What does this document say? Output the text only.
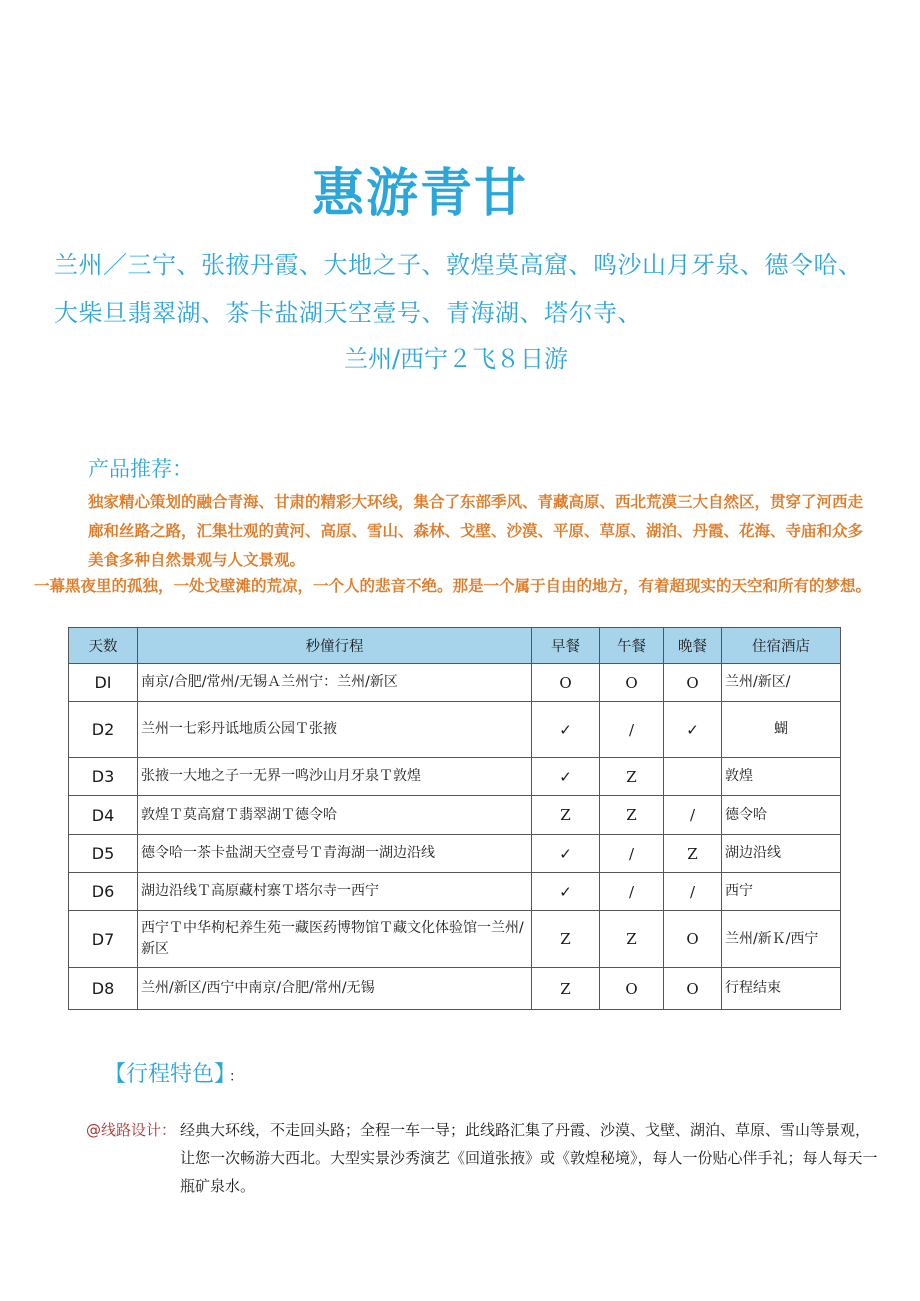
惠游青甘
兰州／三宁、张掖丹霞、大地之子、敦煌莫高窟、鸣沙山月牙泉、德令哈、
大柴旦翡翠湖、茶卡盐湖天空壹号、青海湖、塔尔寺、
兰州/西宁２飞８日游
产品推荐：
独家精心策划的融合青海、甘肃的精彩大环线，集合了东部季风、青藏高原、西北荒漠三大自然区，贯穿了河西走廊和丝路之路，汇集壮观的黄河、高原、雪山、森林、戈壁、沙漠、平原、草原、湖泊、丹霞、花海、寺庙和众多美食多种自然景观与人文景观。
一幕黑夜里的孤独，一处戈壁滩的荒凉，一个人的悲音不绝。那是一个属于自由的地方，有着超现实的天空和所有的梦想。
天数	秒僮行程	早餐	午餐	晚餐	住宿酒店
DI	南京/合肥/常州/无锡Ａ兰州宁：兰州/新区	O	O	O	兰州/新区/
D2	兰州一七彩丹诋地质公园Ｔ张掖	✓	/	✓	蝴
D3	张掖一大地之子一无界一鸣沙山月牙泉Ｔ敦煌	✓	Z		敦煌
D4	敦煌Ｔ莫高窟Ｔ翡翠湖Ｔ德令哈	Z	Z	/	德令哈
D5	德令哈一茶卡盐湖天空壹号Ｔ青海湖一湖边沿线	✓	/	Z	湖边沿线
D6	湖边沿线Ｔ高原藏村寨Ｔ塔尔寺一西宁	✓	/	/	西宁
D7	西宁Ｔ中华枸杞养生苑一藏医药博物馆Ｔ藏文化体验馆一兰州/新区	Z	Z	O	兰州/新Ｋ/西宁
D8	兰州/新区/西宁中南京/合肥/常州/无锡	Z	O	O	行程结束
【行程特色】 ：
@线路设计： 经典大环线，不走回头路；全程一车一导；此线路汇集了丹霞、沙漠、戈壁、湖泊、草原、雪山等景观，让您一次畅游大西北。大型实景沙秀演艺《回道张掖》或《敦煌秘境》，每人一份贴心伴手礼；每人每天一瓶矿泉水。
